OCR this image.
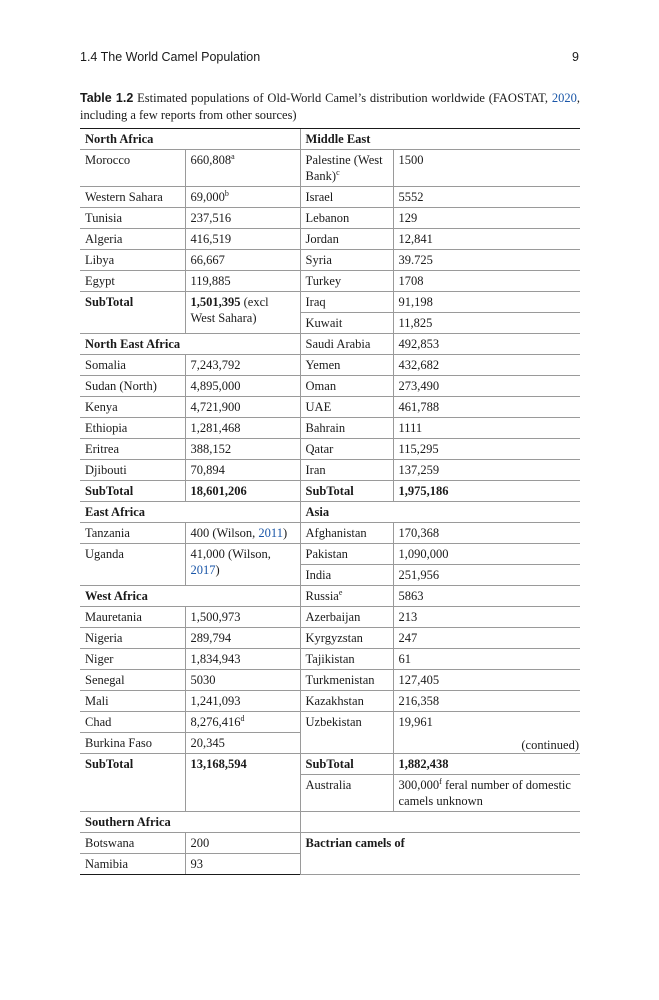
1.4 The World Camel Population	9
Table 1.2 Estimated populations of Old-World Camel’s distribution worldwide (FAOSTAT, 2020, including a few reports from other sources)
North Africa		Middle East	
Morocco	660,808$^a$	Palestine (West Bank)$^c$	1500
Western Sahara	69,000$^b$	Israel	5552
Tunisia	237,516	Lebanon	129
Algeria	416,519	Jordan	12,841
Libya	66,667	Syria	39.725
Egypt	119,885	Turkey	1708
SubTotal	1,501,395 (excl West Sahara)	Iraq	91,198
		Kuwait	11,825
North East Africa		Saudi Arabia	492,853
Somalia	7,243,792	Yemen	432,682
Sudan (North)	4,895,000	Oman	273,490
Kenya	4,721,900	UAE	461,788
Ethiopia	1,281,468	Bahrain	1111
Eritrea	388,152	Qatar	115,295
Djibouti	70,894	Iran	137,259
SubTotal	18,601,206	SubTotal	1,975,186
East Africa		Asia	
Tanzania	400 (Wilson, 2011)	Afghanistan	170,368
Uganda	41,000 (Wilson, 2017)	Pakistan	1,090,000
		India	251,956
West Africa		Russia$^e$	5863
Mauretania	1,500,973	Azerbaijan	213
Nigeria	289,794	Kyrgyzstan	247
Niger	1,834,943	Tajikistan	61
Senegal	5030	Turkmenistan	127,405
Mali	1,241,093	Kazakhstan	216,358
Chad	8,276,416$^d$	Uzbekistan	19,961
Burkina Faso	20,345		
SubTotal	13,168,594	SubTotal	1,882,438
		Australia	300,000$^f$ feral number of domestic camels unknown
Southern Africa			
Botswana	200	Bactrian camels of	
Namibia	93		
(continued)
